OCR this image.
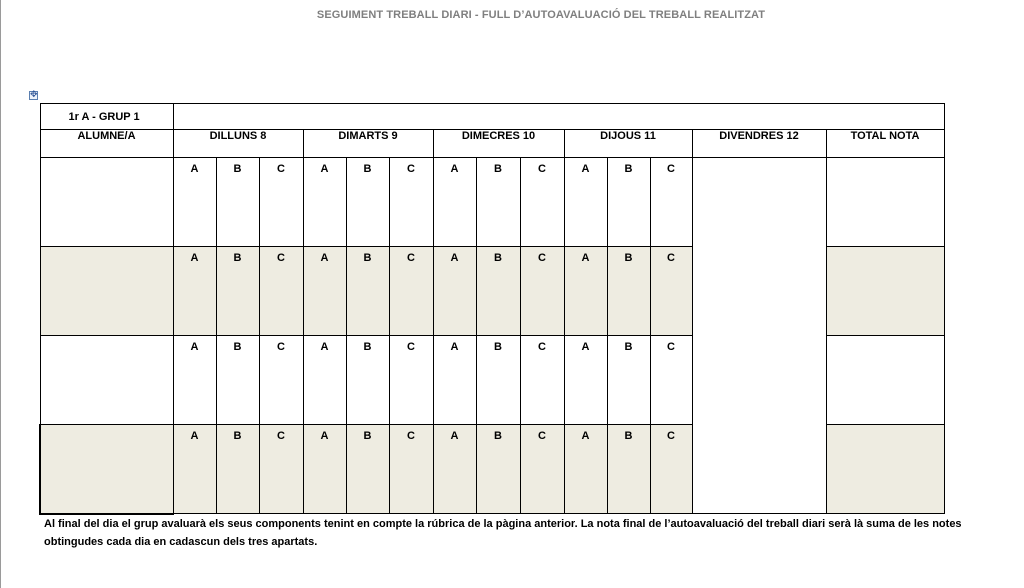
SEGUIMENT TREBALL DIARI - FULL D’AUTOAVALUACIÓ DEL TREBALL REALITZAT
✥
1r A - GRUP 1														
ALUMNE/A	DILLUNS 8			DIMARTS 9			DIMECRES 10			DIJOUS 11			DIVENDRES 12	TOTAL NOTA
	A	B	C	A	B	C	A	B	C	A	B	C		
	A	B	C	A	B	C	A	B	C	A	B	C		
	A	B	C	A	B	C	A	B	C	A	B	C		
	A	B	C	A	B	C	A	B	C	A	B	C		
Al final del dia el grup avaluarà els seus components tenint en compte la rúbrica de la pàgina anterior. La nota final de l’autoavaluació del treball diari serà là suma de les notes obtingudes cada dia en cadascun dels tres apartats.
